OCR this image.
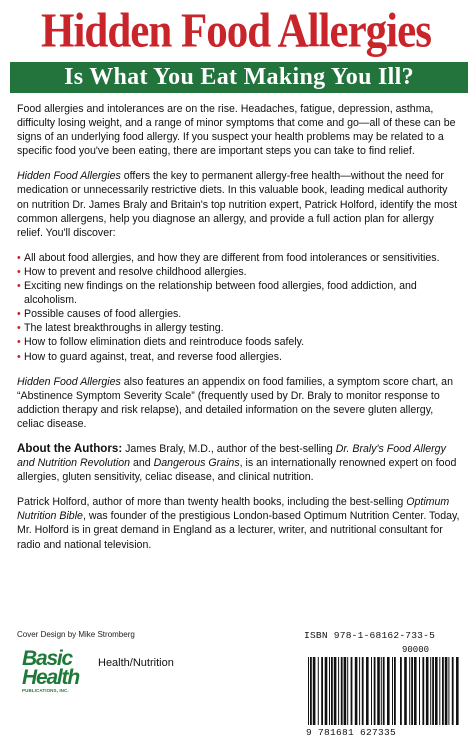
Hidden Food Allergies
Is What You Eat Making You Ill?

Food allergies and intolerances are on the rise. Headaches, fatigue, depression, asthma, difficulty losing weight, and a range of minor symptoms that come and go—all of these can be signs of an underlying food allergy. If you suspect your health problems may be related to a specific food you've been eating, there are important steps you can take to find relief.

Hidden Food Allergies offers the key to permanent allergy-free health—without the need for medication or unnecessarily restrictive diets. In this valuable book, leading medical authority on nutrition Dr. James Braly and Britain's top nutrition expert, Patrick Holford, identify the most common allergens, help you diagnose an allergy, and provide a full action plan for allergy relief. You'll discover:

• All about food allergies, and how they are different from food intolerances or sensitivities.
• How to prevent and resolve childhood allergies.
• Exciting new findings on the relationship between food allergies, food addiction, and alcoholism.
• Possible causes of food allergies.
• The latest breakthroughs in allergy testing.
• How to follow elimination diets and reintroduce foods safely.
• How to guard against, treat, and reverse food allergies.

Hidden Food Allergies also features an appendix on food families, a symptom score chart, an “Abstinence Symptom Severity Scale” (frequently used by Dr. Braly to monitor response to addiction therapy and risk relapse), and detailed information on the severe gluten allergy, celiac disease.

About the Authors: James Braly, M.D., author of the best-selling Dr. Braly's Food Allergy and Nutrition Revolution and Dangerous Grains, is an internationally renowned expert on food allergies, gluten sensitivity, celiac disease, and clinical nutrition.

Patrick Holford, author of more than twenty health books, including the best-selling Optimum Nutrition Bible, was founder of the prestigious London-based Optimum Nutrition Center. Today, Mr. Holford is in great demand in England as a lecturer, writer, and nutritional consultant for radio and national television.

Cover Design by Mike Stromberg
Basic
Health
PUBLICATIONS, INC.
Health/Nutrition
ISBN 978-1-68162-733-5
90000
9 781681 627335
